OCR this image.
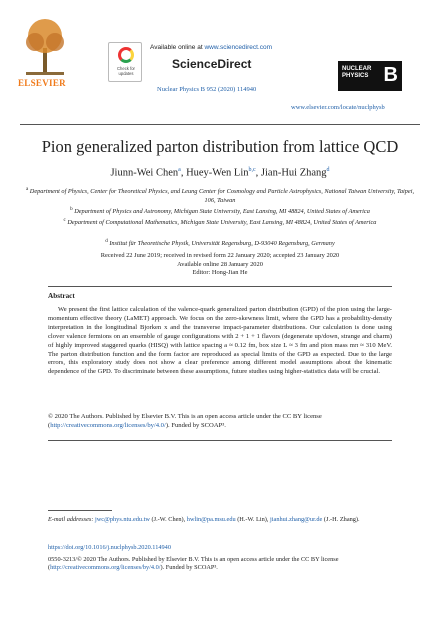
ELSEVIER
Check for updates
Available online at www.sciencedirect.com
ScienceDirect
Nuclear Physics B 952 (2020) 114940
NUCLEAR
PHYSICS B
www.elsevier.com/locate/nuclphysb
Pion generalized parton distribution from lattice QCD
Jiunn-Wei Chen$^a$, Huey-Wen Lin$^{b,c}$, Jian-Hui Zhang$^d$
$^a$ Department of Physics, Center for Theoretical Physics, and Leung Center for Cosmology and Particle Astrophysics, National Taiwan University, Taipei, 106, Taiwan
$^b$ Department of Physics and Astronomy, Michigan State University, East Lansing, MI 48824, United States of America
$^c$ Department of Computational Mathematics, Michigan State University, East Lansing, MI 48824, United States of America
$^d$ Institut für Theoretische Physik, Universität Regensburg, D-93040 Regensburg, Germany
Received 22 June 2019; received in revised form 22 January 2020; accepted 23 January 2020
Available online 28 January 2020
Editor: Hong-Jian He
Abstract
We present the first lattice calculation of the valence-quark generalized parton distribution (GPD) of the pion using the large-momentum effective theory (LaMET) approach. We focus on the zero-skewness limit, where the GPD has a probability-density interpretation in the longitudinal Bjorken x and the transverse impact-parameter distributions. Our calculation is done using clover valence fermions on an ensemble of gauge configurations with 2 + 1 + 1 flavors (degenerate up/down, strange and charm) of highly improved staggered quarks (HISQ) with lattice spacing a ≈ 0.12 fm, box size L ≈ 3 fm and pion mass mπ ≈ 310 MeV. The parton distribution function and the form factor are reproduced as special limits of the GPD as expected. Due to the large errors, this exploratory study does not show a clear preference among different model assumptions about the kinematic dependence of the GPD. To discriminate between these assumptions, future studies using higher-statistics data will be crucial.
© 2020 The Authors. Published by Elsevier B.V. This is an open access article under the CC BY license (http://creativecommons.org/licenses/by/4.0/). Funded by SCOAP³.
E-mail addresses: jwc@phys.ntu.edu.tw (J.-W. Chen), hwlin@pa.msu.edu (H.-W. Lin), jianhui.zhang@ur.de (J.-H. Zhang).
https://doi.org/10.1016/j.nuclphysb.2020.114940
0550-3213/© 2020 The Authors. Published by Elsevier B.V. This is an open access article under the CC BY license
(http://creativecommons.org/licenses/by/4.0/). Funded by SCOAP³.
